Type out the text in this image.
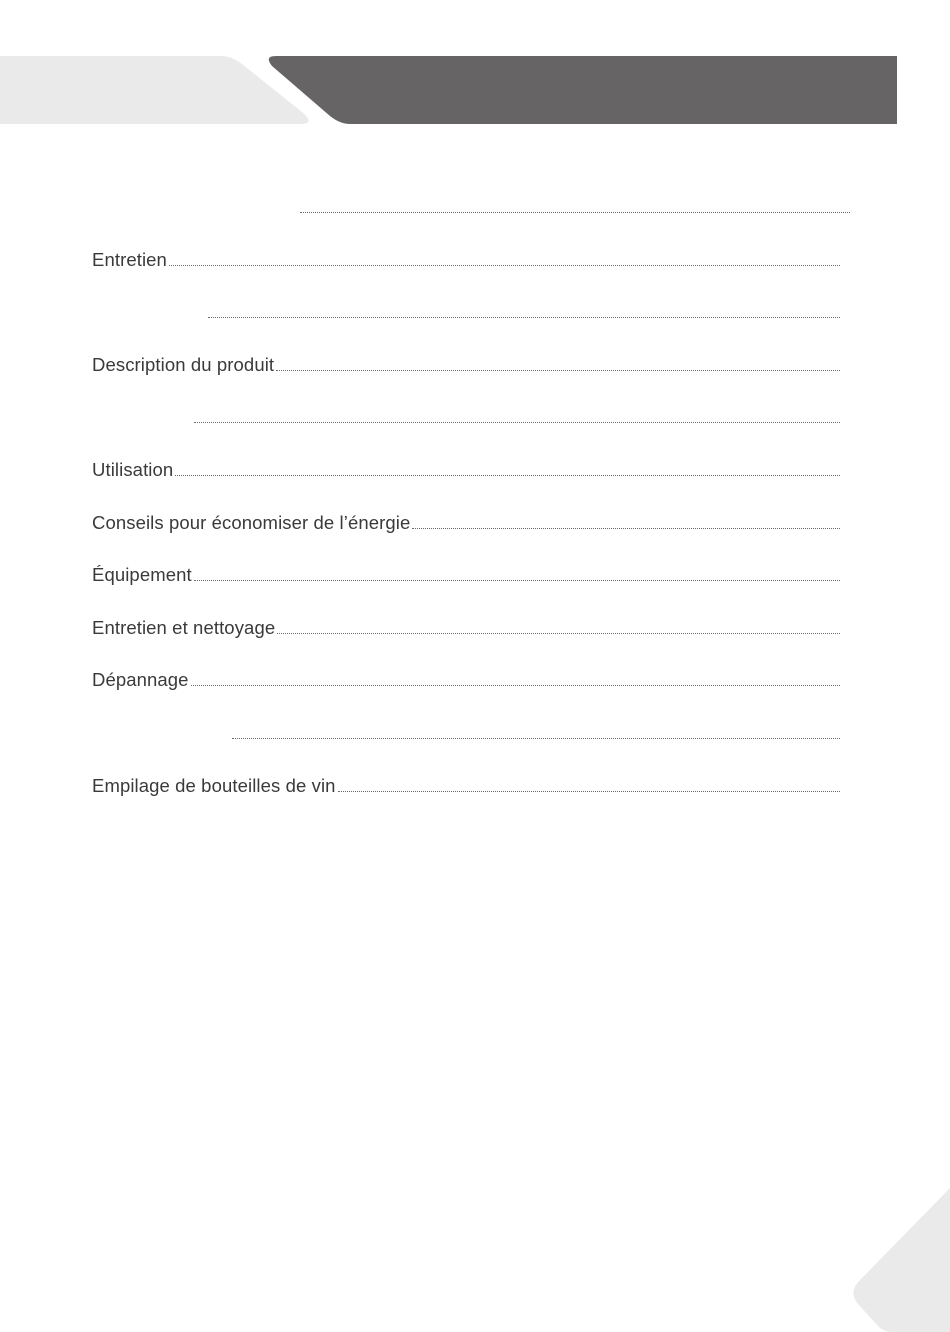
Entretien
Description du produit
Utilisation
Conseils pour économiser de l’énergie
Équipement
Entretien et nettoyage
Dépannage
Empilage de bouteilles de vin
